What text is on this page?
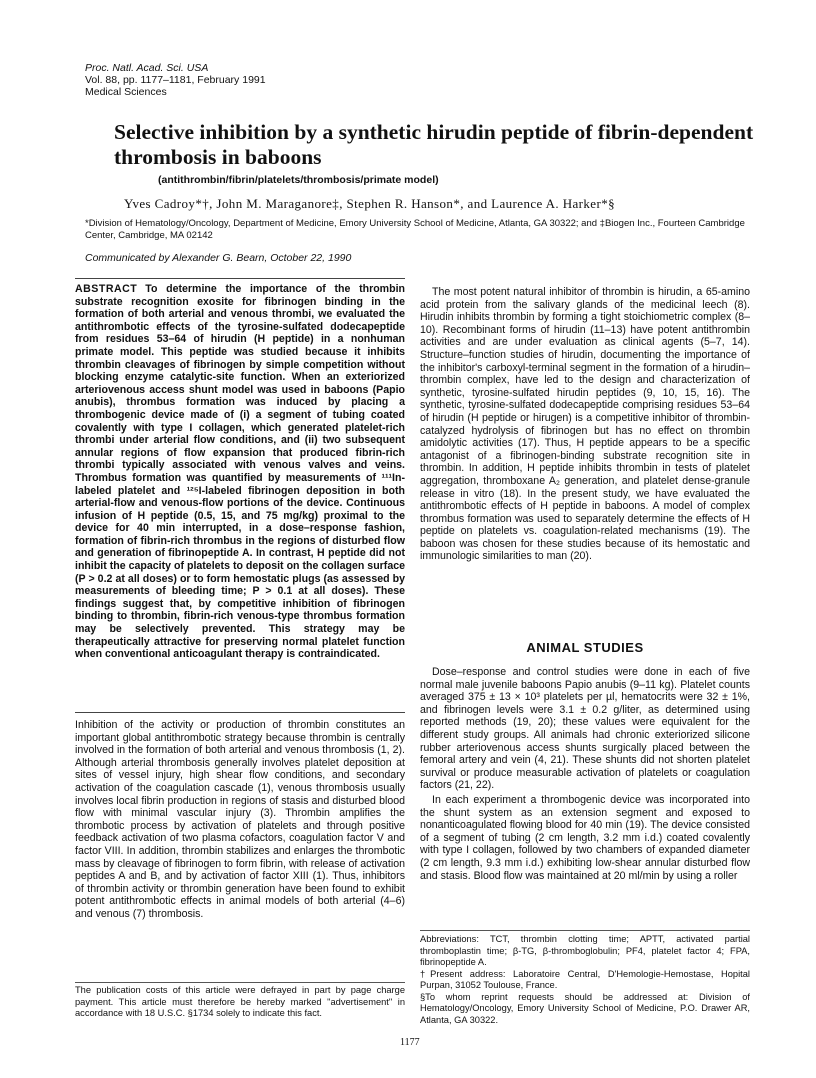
Proc. Natl. Acad. Sci. USA
Vol. 88, pp. 1177–1181, February 1991
Medical Sciences
Selective inhibition by a synthetic hirudin peptide of fibrin-dependent thrombosis in baboons
(antithrombin/fibrin/platelets/thrombosis/primate model)
Yves Cadroy*†, John M. Maraganore‡, Stephen R. Hanson*, and Laurence A. Harker*§
*Division of Hematology/Oncology, Department of Medicine, Emory University School of Medicine, Atlanta, GA 30322; and ‡Biogen Inc., Fourteen Cambridge Center, Cambridge, MA 02142
Communicated by Alexander G. Bearn, October 22, 1990
ABSTRACT To determine the importance of the thrombin substrate recognition exosite for fibrinogen binding in the formation of both arterial and venous thrombi, we evaluated the antithrombotic effects of the tyrosine-sulfated dodecapeptide from residues 53–64 of hirudin (H peptide) in a nonhuman primate model. This peptide was studied because it inhibits thrombin cleavages of fibrinogen by simple competition without blocking enzyme catalytic-site function. When an exteriorized arteriovenous access shunt model was used in baboons (Papio anubis), thrombus formation was induced by placing a thrombogenic device made of (i) a segment of tubing coated covalently with type I collagen, which generated platelet-rich thrombi under arterial flow conditions, and (ii) two subsequent annular regions of flow expansion that produced fibrin-rich thrombi typically associated with venous valves and veins. Thrombus formation was quantified by measurements of ¹¹¹In-labeled platelet and ¹²⁵I-labeled fibrinogen deposition in both arterial-flow and venous-flow portions of the device. Continuous infusion of H peptide (0.5, 15, and 75 mg/kg) proximal to the device for 40 min interrupted, in a dose–response fashion, formation of fibrin-rich thrombus in the regions of disturbed flow and generation of fibrinopeptide A. In contrast, H peptide did not inhibit the capacity of platelets to deposit on the collagen surface (P > 0.2 at all doses) or to form hemostatic plugs (as assessed by measurements of bleeding time; P > 0.1 at all doses). These findings suggest that, by competitive inhibition of fibrinogen binding to thrombin, fibrin-rich venous-type thrombus formation may be selectively prevented. This strategy may be therapeutically attractive for preserving normal platelet function when conventional anticoagulant therapy is contraindicated.
Inhibition of the activity or production of thrombin constitutes an important global antithrombotic strategy because thrombin is centrally involved in the formation of both arterial and venous thrombosis (1, 2). Although arterial thrombosis generally involves platelet deposition at sites of vessel injury, high shear flow conditions, and secondary activation of the coagulation cascade (1), venous thrombosis usually involves local fibrin production in regions of stasis and disturbed blood flow with minimal vascular injury (3). Thrombin amplifies the thrombotic process by activation of platelets and through positive feedback activation of two plasma cofactors, coagulation factor V and factor VIII. In addition, thrombin stabilizes and enlarges the thrombotic mass by cleavage of fibrinogen to form fibrin, with release of activation peptides A and B, and by activation of factor XIII (1). Thus, inhibitors of thrombin activity or thrombin generation have been found to exhibit potent antithrombotic effects in animal models of both arterial (4–6) and venous (7) thrombosis.
The publication costs of this article were defrayed in part by page charge payment. This article must therefore be hereby marked "advertisement" in accordance with 18 U.S.C. §1734 solely to indicate this fact.

The most potent natural inhibitor of thrombin is hirudin, a 65-amino acid protein from the salivary glands of the medicinal leech (8). Hirudin inhibits thrombin by forming a tight stoichiometric complex (8–10). Recombinant forms of hirudin (11–13) have potent antithrombin activities and are under evaluation as clinical agents (5–7, 14). Structure–function studies of hirudin, documenting the importance of the inhibitor's carboxyl-terminal segment in the formation of a hirudin–thrombin complex, have led to the design and characterization of synthetic, tyrosine-sulfated hirudin peptides (9, 10, 15, 16). The synthetic, tyrosine-sulfated dodecapeptide comprising residues 53–64 of hirudin (H peptide or hirugen) is a competitive inhibitor of thrombin-catalyzed hydrolysis of fibrinogen but has no effect on thrombin amidolytic activities (17). Thus, H peptide appears to be a specific antagonist of a fibrinogen-binding substrate recognition site in thrombin. In addition, H peptide inhibits thrombin in tests of platelet aggregation, thromboxane A₂ generation, and platelet dense-granule release in vitro (18). In the present study, we have evaluated the antithrombotic effects of H peptide in baboons. A model of complex thrombus formation was used to separately determine the effects of H peptide on platelets vs. coagulation-related mechanisms (19). The baboon was chosen for these studies because of its hemostatic and immunologic similarities to man (20).

ANIMAL STUDIES

Dose–response and control studies were done in each of five normal male juvenile baboons Papio anubis (9–11 kg). Platelet counts averaged 375 ± 13 × 10³ platelets per µl, hematocrits were 32 ± 1%, and fibrinogen levels were 3.1 ± 0.2 g/liter, as determined using reported methods (19, 20); these values were equivalent for the different study groups. All animals had chronic exteriorized silicone rubber arteriovenous access shunts surgically placed between the femoral artery and vein (4, 21). These shunts did not shorten platelet survival or produce measurable activation of platelets or coagulation factors (21, 22).

In each experiment a thrombogenic device was incorporated into the shunt system as an extension segment and exposed to nonanticoagulated flowing blood for 40 min (19). The device consisted of a segment of tubing (2 cm length, 3.2 mm i.d.) coated covalently with type I collagen, followed by two chambers of expanded diameter (2 cm length, 9.3 mm i.d.) exhibiting low-shear annular disturbed flow and stasis. Blood flow was maintained at 20 ml/min by using a roller

Abbreviations: TCT, thrombin clotting time; APTT, activated partial thromboplastin time; β-TG, β-thromboglobulin; PF4, platelet factor 4; FPA, fibrinopeptide A.
†Present address: Laboratoire Central, D'Hemologie-Hemostase, Hopital Purpan, 31052 Toulouse, France.
§To whom reprint requests should be addressed at: Division of Hematology/Oncology, Emory University School of Medicine, P.O. Drawer AR, Atlanta, GA 30322.
1177
